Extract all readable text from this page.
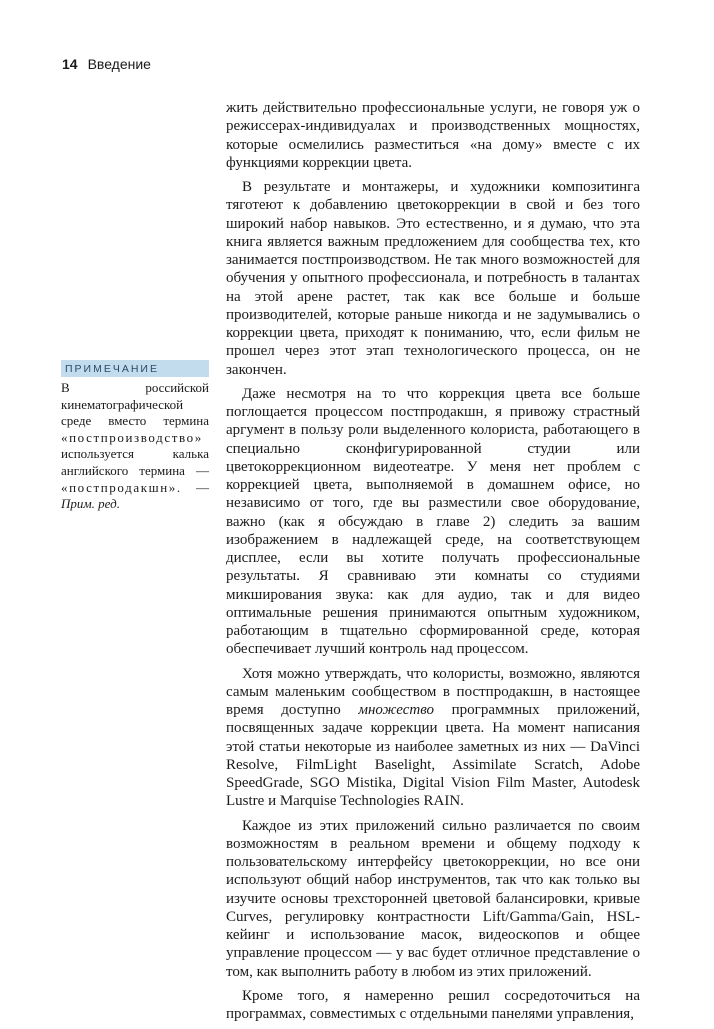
14 Введение
ПРИМЕЧАНИЕ

В российской кинематографической среде вместо термина «постпроизводство» используется калька английского термина — «постпродакшн». — Прим. ред.

жить действительно профессиональные услуги, не говоря уж о режиссерах-индивидуалах и производственных мощностях, которые осмелились разместиться «на дому» вместе с их функциями коррекции цвета.

В результате и монтажеры, и художники композитинга тяготеют к добавлению цветокоррекции в свой и без того широкий набор навыков. Это естественно, и я думаю, что эта книга является важным предложением для сообщества тех, кто занимается постпроизводством. Не так много возможностей для обучения у опытного профессионала, и потребность в талантах на этой арене растет, так как все больше и больше производителей, которые раньше никогда и не задумывались о коррекции цвета, приходят к пониманию, что, если фильм не прошел через этот этап технологического процесса, он не закончен.

Даже несмотря на то что коррекция цвета все больше поглощается процессом постпродакшн, я привожу страстный аргумент в пользу роли выделенного колориста, работающего в специально сконфигурированной студии или цветокоррекционном видеотеатре. У меня нет проблем с коррекцией цвета, выполняемой в домашнем офисе, но независимо от того, где вы разместили свое оборудование, важно (как я обсуждаю в главе 2) следить за вашим изображением в надлежащей среде, на соответствующем дисплее, если вы хотите получать профессиональные результаты. Я сравниваю эти комнаты со студиями микширования звука: как для аудио, так и для видео оптимальные решения принимаются опытным художником, работающим в тщательно сформированной среде, которая обеспечивает лучший контроль над процессом.

Хотя можно утверждать, что колористы, возможно, являются самым маленьким сообществом в постпродакшн, в настоящее время доступно множество программных приложений, посвященных задаче коррекции цвета. На момент написания этой статьи некоторые из наиболее заметных из них — DaVinci Resolve, FilmLight Baselight, Assimilate Scratch, Adobe SpeedGrade, SGO Mistika, Digital Vision Film Master, Autodesk Lustre и Marquise Technologies RAIN.

Каждое из этих приложений сильно различается по своим возможностям в реальном времени и общему подходу к пользовательскому интерфейсу цветокоррекции, но все они используют общий набор инструментов, так что как только вы изучите основы трехсторонней цветовой балансировки, кривые Curves, регулировку контрастности Lift/Gamma/Gain, HSL-кейинг и использование масок, видеоскопов и общее управление процессом — у вас будет отличное представление о том, как выполнить работу в любом из этих приложений.

Кроме того, я намеренно решил сосредоточиться на программах, совместимых с отдельными панелями управления,
